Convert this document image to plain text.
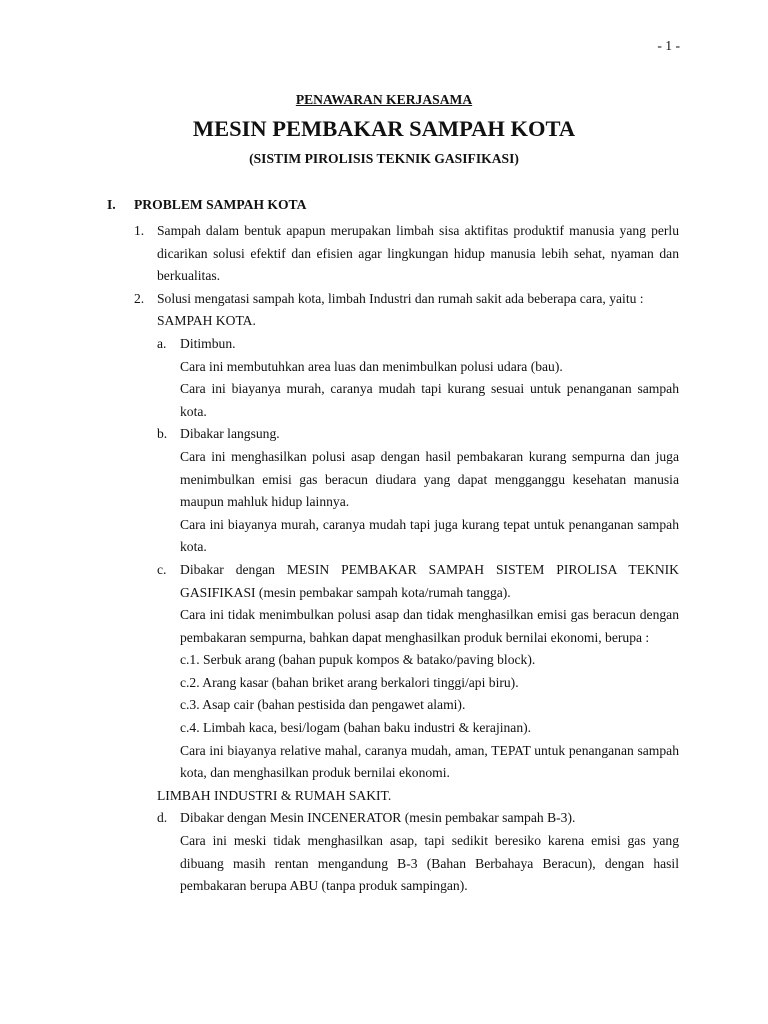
- 1 -
PENAWARAN KERJASAMA
MESIN PEMBAKAR SAMPAH KOTA
(SISTIM PIROLISIS TEKNIK GASIFIKASI)
I. PROBLEM SAMPAH KOTA
1. Sampah dalam bentuk apapun merupakan limbah sisa aktifitas produktif manusia yang perlu dicarikan solusi efektif dan efisien agar lingkungan hidup manusia lebih sehat, nyaman dan berkualitas.
2. Solusi mengatasi sampah kota, limbah Industri dan rumah sakit ada beberapa cara, yaitu :

SAMPAH KOTA.

a. Ditimbun.

Cara ini membutuhkan area luas dan menimbulkan polusi udara (bau).

Cara ini biayanya murah, caranya mudah tapi kurang sesuai untuk penanganan sampah kota.

b. Dibakar langsung.

Cara ini menghasilkan polusi asap dengan hasil pembakaran kurang sempurna dan juga menimbulkan emisi gas beracun diudara yang dapat mengganggu kesehatan manusia maupun mahluk hidup lainnya.

Cara ini biayanya murah, caranya mudah tapi juga kurang tepat untuk penanganan sampah kota.

c. Dibakar dengan MESIN PEMBAKAR SAMPAH SISTEM PIROLISA TEKNIK GASIFIKASI (mesin pembakar sampah kota/rumah tangga).

Cara ini tidak menimbulkan polusi asap dan tidak menghasilkan emisi gas beracun dengan pembakaran sempurna, bahkan dapat menghasilkan produk bernilai ekonomi, berupa :

c.1. Serbuk arang (bahan pupuk kompos & batako/paving block).

c.2. Arang kasar (bahan briket arang berkalori tinggi/api biru).

c.3. Asap cair (bahan pestisida dan pengawet alami).

c.4. Limbah kaca, besi/logam (bahan baku industri & kerajinan).

Cara ini biayanya relative mahal, caranya mudah, aman, TEPAT untuk penanganan sampah kota, dan menghasilkan produk bernilai ekonomi.

LIMBAH INDUSTRI & RUMAH SAKIT.

d. Dibakar dengan Mesin INCENERATOR (mesin pembakar sampah B-3).

Cara ini meski tidak menghasilkan asap, tapi sedikit beresiko karena emisi gas yang dibuang masih rentan mengandung B-3 (Bahan Berbahaya Beracun), dengan hasil pembakaran berupa ABU (tanpa produk sampingan).
